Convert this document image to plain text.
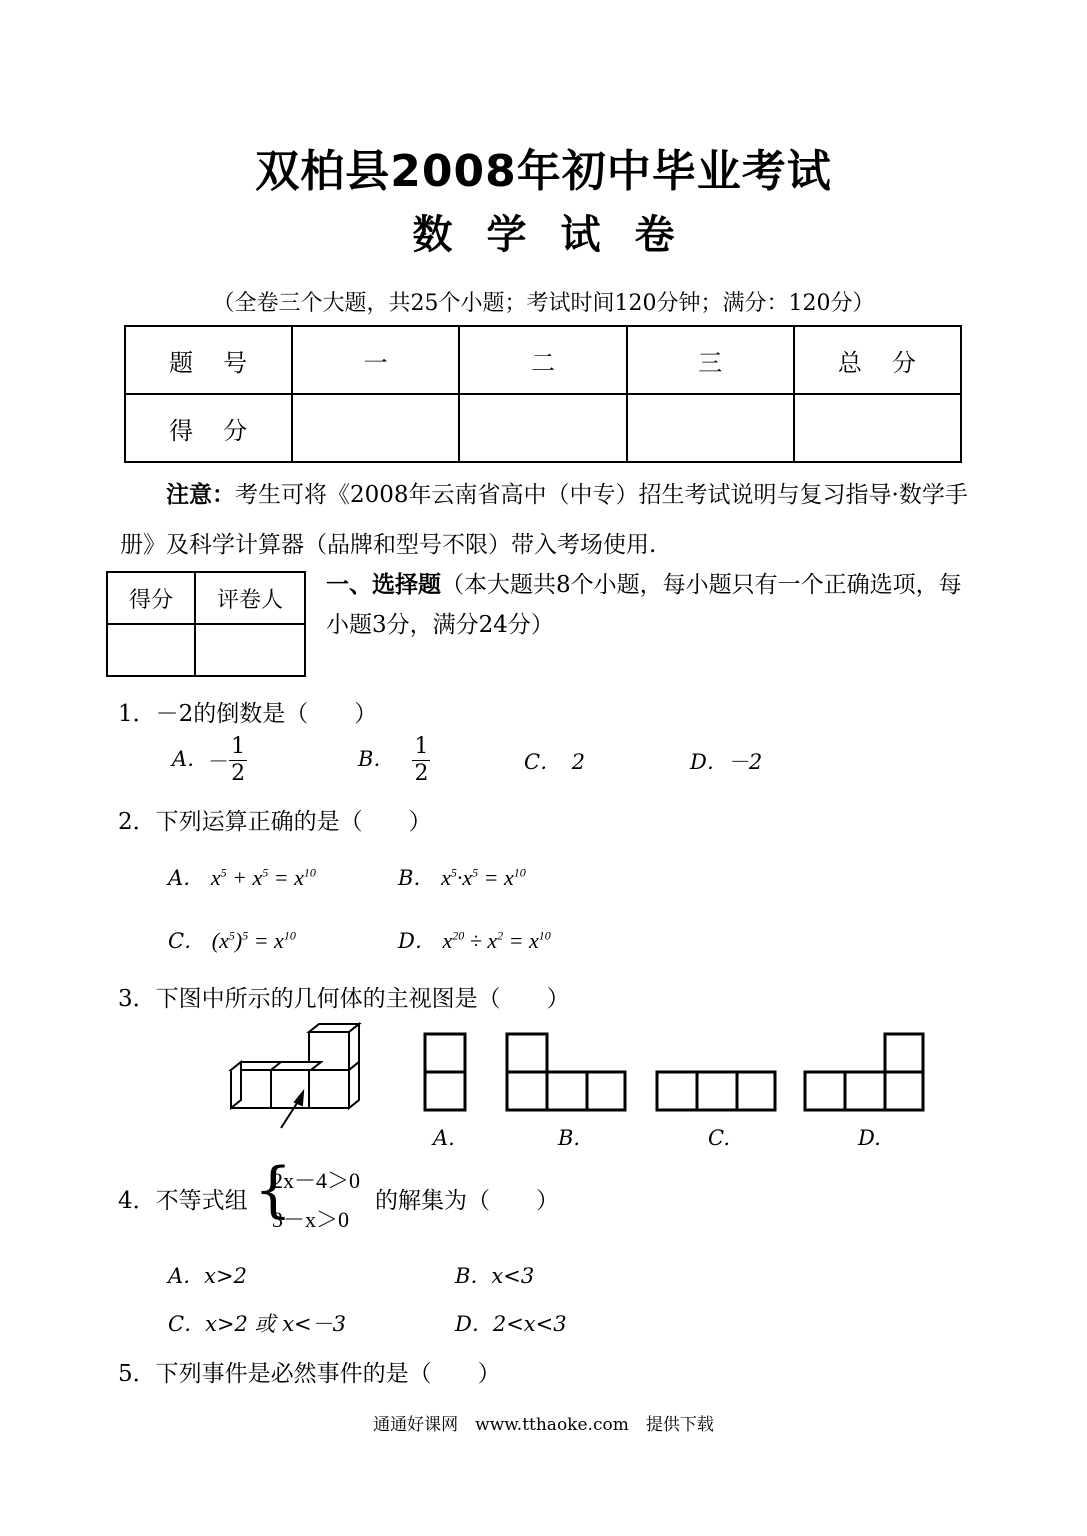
双柏县2008年初中毕业考试
数学试卷
（全卷三个大题，共25个小题；考试时间120分钟；满分：120分）
题号	一	二	三	总分
得分				
注意：考生可将《2008年云南省高中（中专）招生考试说明与复习指导·数学手册》及科学计算器（品牌和型号不限）带入考场使用.
得分	评卷人

一、选择题（本大题共8个小题，每小题只有一个正确选项，每小题3分，满分24分）
1．－2的倒数是（　　）
A．－ $\frac{1}{2}$	B． $\frac{1}{2}$	C．　2	D．－2
2．下列运算正确的是（　　）
A． $x^5 + x^5 = x^{10}$	B． $x^5\cdot x^5 = x^{10}$
C． $(x^5)^5 = x^{10}$	D． $x^{20} \div x^2 = x^{10}$
3．下图中所示的几何体的主视图是（　　）
A.	B.	C.	D.
4．不等式组 {
2x－4＞0
3－x＞0
的解集为（　　）
A．x>2	B．x<3
C．x>2 或 x<－3	D．2<x<3
5．下列事件是必然事件的是（　　）
通通好课网　www.tthaoke.com　提供下载
